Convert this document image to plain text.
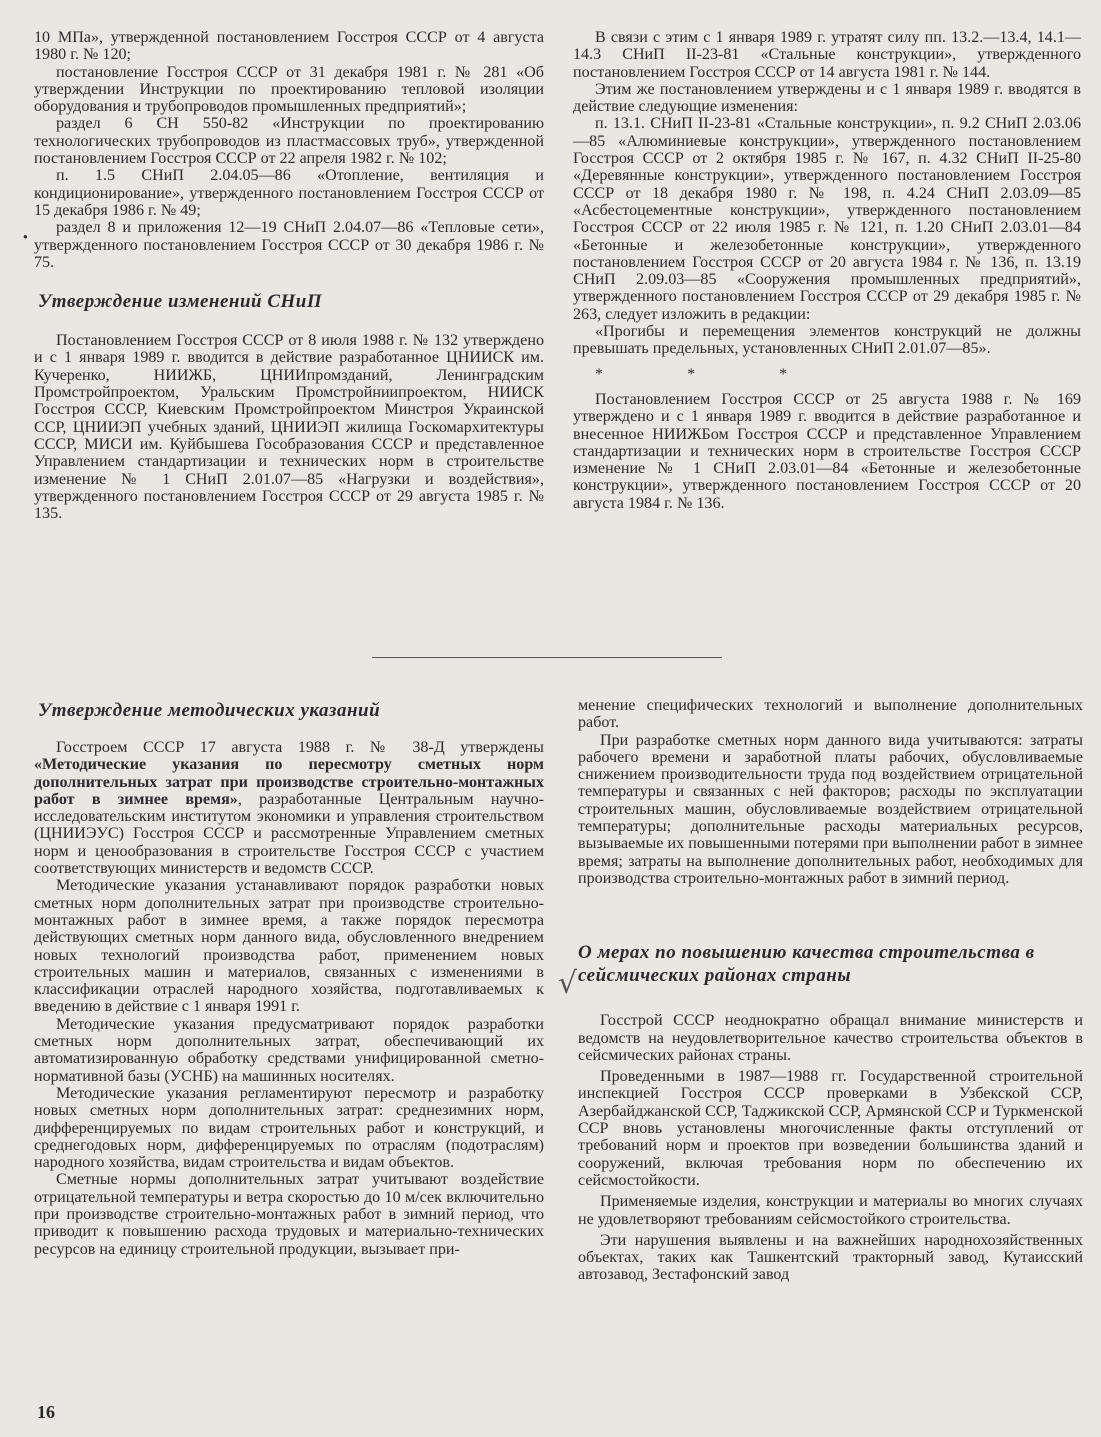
10 МПа», утвержденной постановлением Госстроя СССР от 4 августа 1980 г. № 120;

постановление Госстроя СССР от 31 декабря 1981 г. № 281 «Об утверждении Инструкции по проектированию тепловой изоляции оборудования и трубопроводов промышленных предприятий»;

раздел 6 СН 550-82 «Инструкции по проектированию технологических трубопроводов из пластмассовых труб», утвержденной постановлением Госстроя СССР от 22 апреля 1982 г. № 102;

п. 1.5 СНиП 2.04.05—86 «Отопление, вентиляция и кондиционирование», утвержденного постановлением Госстроя СССР от 15 декабря 1986 г. № 49;

раздел 8 и приложения 12—19 СНиП 2.04.07—86 «Тепловые сети», утвержденного постановлением Госстроя СССР от 30 декабря 1986 г. № 75.

Утверждение изменений СНиП

Постановлением Госстроя СССР от 8 июля 1988 г. № 132 утверждено и с 1 января 1989 г. вводится в действие разработанное ЦНИИСК им. Кучеренко, НИИЖБ, ЦНИИпромзданий, Ленинградским Промстройпроектом, Уральским Промстройниипроектом, НИИСК Госстроя СССР, Киевским Промстройпроектом Минстроя Украинской ССР, ЦНИИЭП учебных зданий, ЦНИИЭП жилища Госкомархитектуры СССР, МИСИ им. Куйбышева Гособразования СССР и представленное Управлением стандартизации и технических норм в строительстве изменение № 1 СНиП 2.01.07—85 «Нагрузки и воздействия», утвержденного постановлением Госстроя СССР от 29 августа 1985 г. № 135.

●

В связи с этим с 1 января 1989 г. утратят силу пп. 13.2.—13.4, 14.1—14.3 СНиП II-23-81 «Стальные конструкции», утвержденного постановлением Госстроя СССР от 14 августа 1981 г. № 144.

Этим же постановлением утверждены и с 1 января 1989 г. вводятся в действие следующие изменения:

п. 13.1. СНиП II-23-81 «Стальные конструкции», п. 9.2 СНиП 2.03.06—85 «Алюминиевые конструкции», утвержденного постановлением Госстроя СССР от 2 октября 1985 г. № 167, п. 4.32 СНиП II-25-80 «Деревянные конструкции», утвержденного постановлением Госстроя СССР от 18 декабря 1980 г. № 198, п. 4.24 СНиП 2.03.09—85 «Асбестоцементные конструкции», утвержденного постановлением Госстроя СССР от 22 июля 1985 г. № 121, п. 1.20 СНиП 2.03.01—84 «Бетонные и железобетонные конструкции», утвержденного постановлением Госстроя СССР от 20 августа 1984 г. № 136, п. 13.19 СНиП 2.09.03—85 «Сооружения промышленных предприятий», утвержденного постановлением Госстроя СССР от 29 декабря 1985 г. № 263, следует изложить в редакции:

«Прогибы и перемещения элементов конструкций не должны превышать предельных, установленных СНиП 2.01.07—85».

* * *

Постановлением Госстроя СССР от 25 августа 1988 г. № 169 утверждено и с 1 января 1989 г. вводится в действие разработанное и внесенное НИИЖБом Госстроя СССР и представленное Управлением стандартизации и технических норм в строительстве Госстроя СССР изменение № 1 СНиП 2.03.01—84 «Бетонные и железобетонные конструкции», утвержденного постановлением Госстроя СССР от 20 августа 1984 г. № 136.

Утверждение методических указаний

Госстроем СССР 17 августа 1988 г. № 38-Д утверждены «Методические указания по пересмотру сметных норм дополнительных затрат при производстве строительно-монтажных работ в зимнее время», разработанные Центральным научно-исследовательским институтом экономики и управления строительством (ЦНИИЭУС) Госстроя СССР и рассмотренные Управлением сметных норм и ценообразования в строительстве Госстроя СССР с участием соответствующих министерств и ведомств СССР.

Методические указания устанавливают порядок разработки новых сметных норм дополнительных затрат при производстве строительно-монтажных работ в зимнее время, а также порядок пересмотра действующих сметных норм данного вида, обусловленного внедрением новых технологий производства работ, применением новых строительных машин и материалов, связанных с изменениями в классификации отраслей народного хозяйства, подготавливаемых к введению в действие с 1 января 1991 г.

Методические указания предусматривают порядок разработки сметных норм дополнительных затрат, обеспечивающий их автоматизированную обработку средствами унифицированной сметно-нормативной базы (УСНБ) на машинных носителях.

Методические указания регламентируют пересмотр и разработку новых сметных норм дополнительных затрат: среднезимних норм, дифференцируемых по видам строительных работ и конструкций, и среднегодовых норм, дифференцируемых по отраслям (подотраслям) народного хозяйства, видам строительства и видам объектов.

Сметные нормы дополнительных затрат учитывают воздействие отрицательной температуры и ветра скоростью до 10 м/сек включительно при производстве строительно-монтажных работ в зимний период, что приводит к повышению расхода трудовых и материально-технических ресурсов на единицу строительной продукции, вызывает при-

менение специфических технологий и выполнение дополнительных работ.

При разработке сметных норм данного вида учитываются: затраты рабочего времени и заработной платы рабочих, обусловливаемые снижением производительности труда под воздействием отрицательной температуры и связанных с ней факторов; расходы по эксплуатации строительных машин, обусловливаемые воздействием отрицательной температуры; дополнительные расходы материальных ресурсов, вызываемые их повышенными потерями при выполнении работ в зимнее время; затраты на выполнение дополнительных работ, необходимых для производства строительно-монтажных работ в зимний период.

О мерах по повышению качества строительства в сейсмических районах страны

Госстрой СССР неоднократно обращал внимание министерств и ведомств на неудовлетворительное качество строительства объектов в сейсмических районах страны.

Проведенными в 1987—1988 гг. Государственной строительной инспекцией Госстроя СССР проверками в Узбекской ССР, Азербайджанской ССР, Таджикской ССР, Армянской ССР и Туркменской ССР вновь установлены многочисленные факты отступлений от требований норм и проектов при возведении большинства зданий и сооружений, включая требования норм по обеспечению их сейсмостойкости.

Применяемые изделия, конструкции и материалы во многих случаях не удовлетворяют требованиям сейсмостойкого строительства.

Эти нарушения выявлены и на важнейших народнохозяйственных объектах, таких как Ташкентский тракторный завод, Кутаисский автозавод, Зестафонский завод

√
16
